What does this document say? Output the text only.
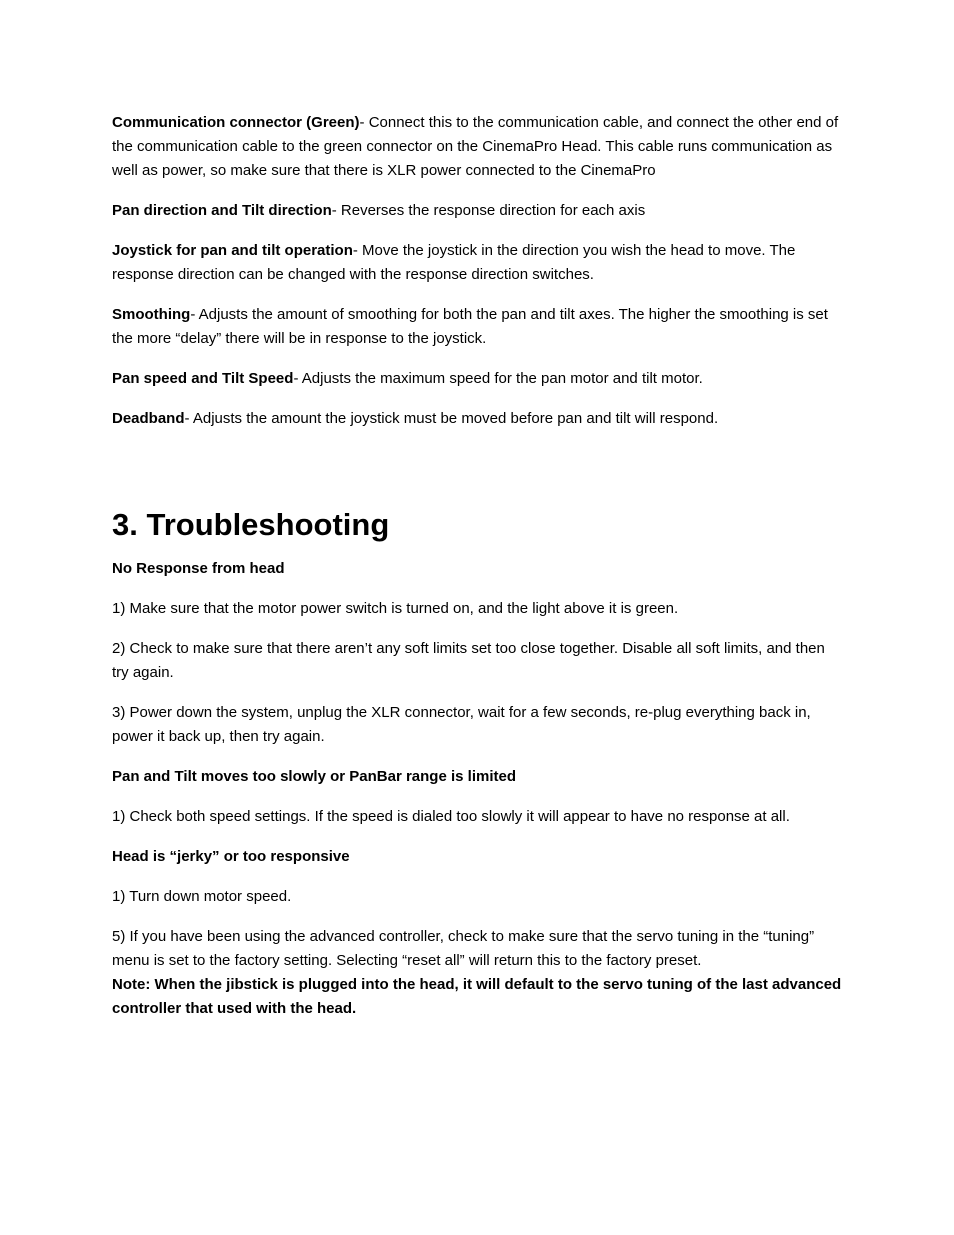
Communication connector (Green)- Connect this to the communication cable, and connect the other end of the communication cable to the green connector on the CinemaPro Head. This cable runs communication as well as power, so make sure that there is XLR power connected to the CinemaPro

Pan direction and Tilt direction- Reverses the response direction for each axis

Joystick for pan and tilt operation- Move the joystick in the direction you wish the head to move. The response direction can be changed with the response direction switches.

Smoothing- Adjusts the amount of smoothing for both the pan and tilt axes. The higher the smoothing is set the more “delay” there will be in response to the joystick.

Pan speed and Tilt Speed- Adjusts the maximum speed for the pan motor and tilt motor.

Deadband- Adjusts the amount the joystick must be moved before pan and tilt will respond.

3. Troubleshooting

No Response from head

1) Make sure that the motor power switch is turned on, and the light above it is green.

2) Check to make sure that there aren’t any soft limits set too close together. Disable all soft limits, and then try again.

3) Power down the system, unplug the XLR connector, wait for a few seconds, re-plug everything back in, power it back up, then try again.

Pan and Tilt moves too slowly or PanBar range is limited

1) Check both speed settings. If the speed is dialed too slowly it will appear to have no response at all.

Head is “jerky” or too responsive

1) Turn down motor speed.

5) If you have been using the advanced controller, check to make sure that the servo tuning in the “tuning” menu is set to the factory setting. Selecting “reset all” will return this to the factory preset.
Note: When the jibstick is plugged into the head, it will default to the servo tuning of the last advanced controller that used with the head.
